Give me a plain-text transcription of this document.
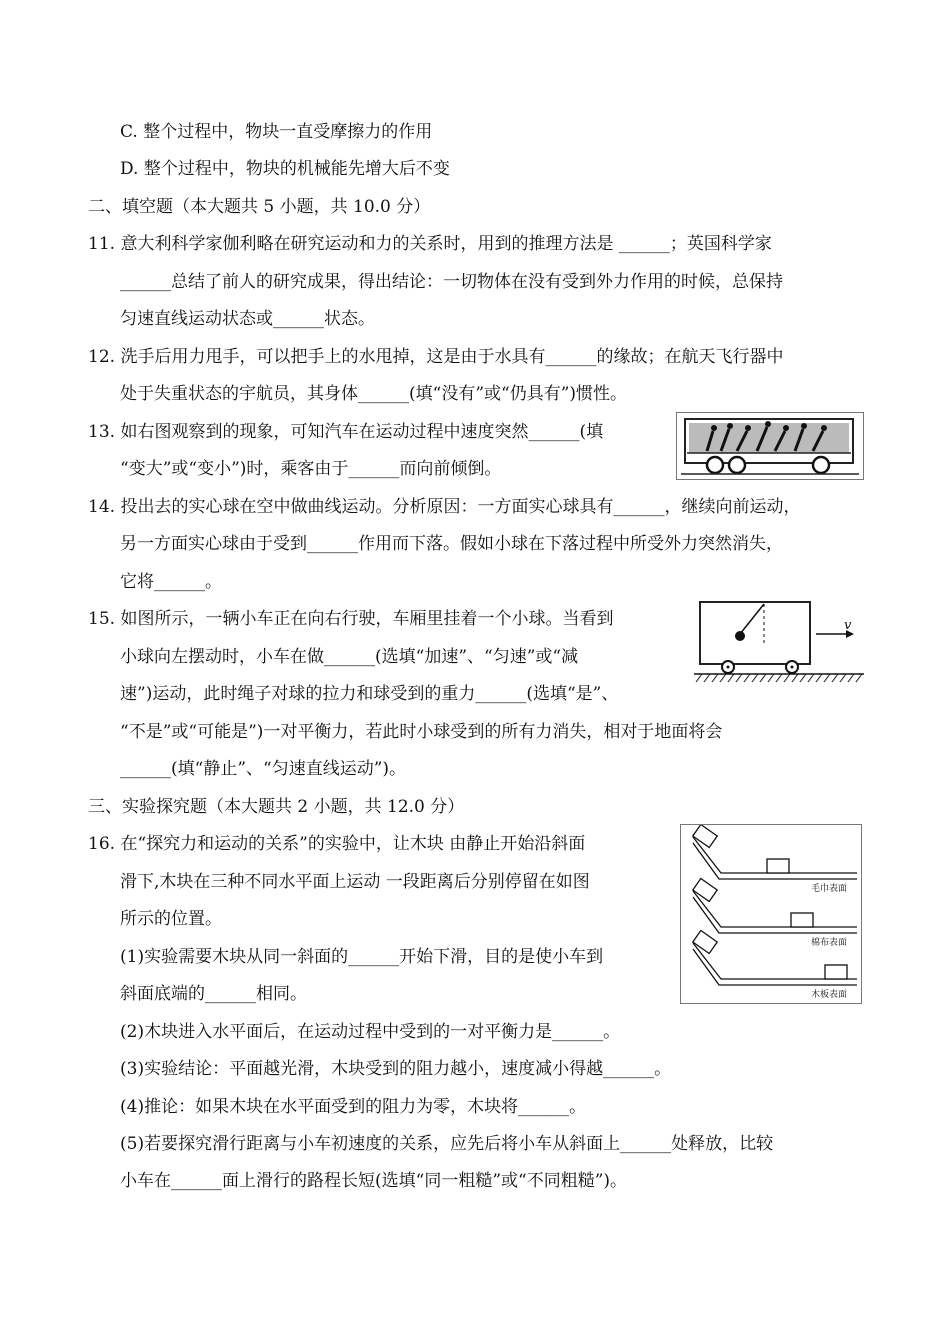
C. 整个过程中，物块一直受摩擦力的作用
D. 整个过程中，物块的机械能先增大后不变
二、填空题（本大题共 5 小题，共 10.0 分）
11. 意大利科学家伽利略在研究运动和力的关系时，用到的推理方法是 ______；英国科学家
______总结了前人的研究成果，得出结论：一切物体在没有受到外力作用的时候，总保持
匀速直线运动状态或______状态。
12. 洗手后用力甩手，可以把手上的水甩掉，这是由于水具有______的缘故；在航天飞行器中
处于失重状态的宇航员，其身体______(填“没有”或“仍具有”)惯性。
13. 如右图观察到的现象，可知汽车在运动过程中速度突然______(填
“变大”或“变小”)时，乘客由于______而向前倾倒。
14. 投出去的实心球在空中做曲线运动。分析原因：一方面实心球具有______，继续向前运动，
另一方面实心球由于受到______作用而下落。假如小球在下落过程中所受外力突然消失，
它将______。
15. 如图所示，一辆小车正在向右行驶，车厢里挂着一个小球。当看到
小球向左摆动时，小车在做______(选填“加速”、“匀速”或“减
速”)运动，此时绳子对球的拉力和球受到的重力______(选填“是”、
“不是”或“可能是”)一对平衡力，若此时小球受到的所有力消失，相对于地面将会
______(填“静止”、“匀速直线运动”)。
v
三、实验探究题（本大题共 2 小题，共 12.0 分）
16. 在“探究力和运动的关系”的实验中，让木块 由静止开始沿斜面
滑下,木块在三种不同水平面上运动 一段距离后分别停留在如图
所示的位置。
(1)实验需要木块从同一斜面的______开始下滑，目的是使小车到
斜面底端的______相同。
(2)木块进入水平面后，在运动过程中受到的一对平衡力是______。
(3)实验结论：平面越光滑，木块受到的阻力越小，速度减小得越______。
(4)推论：如果木块在水平面受到的阻力为零，木块将______。
(5)若要探究滑行距离与小车初速度的关系，应先后将小车从斜面上______处释放，比较
小车在______面上滑行的路程长短(选填“同一粗糙”或“不同粗糙”)。
毛巾表面
棉布表面
木板表面
